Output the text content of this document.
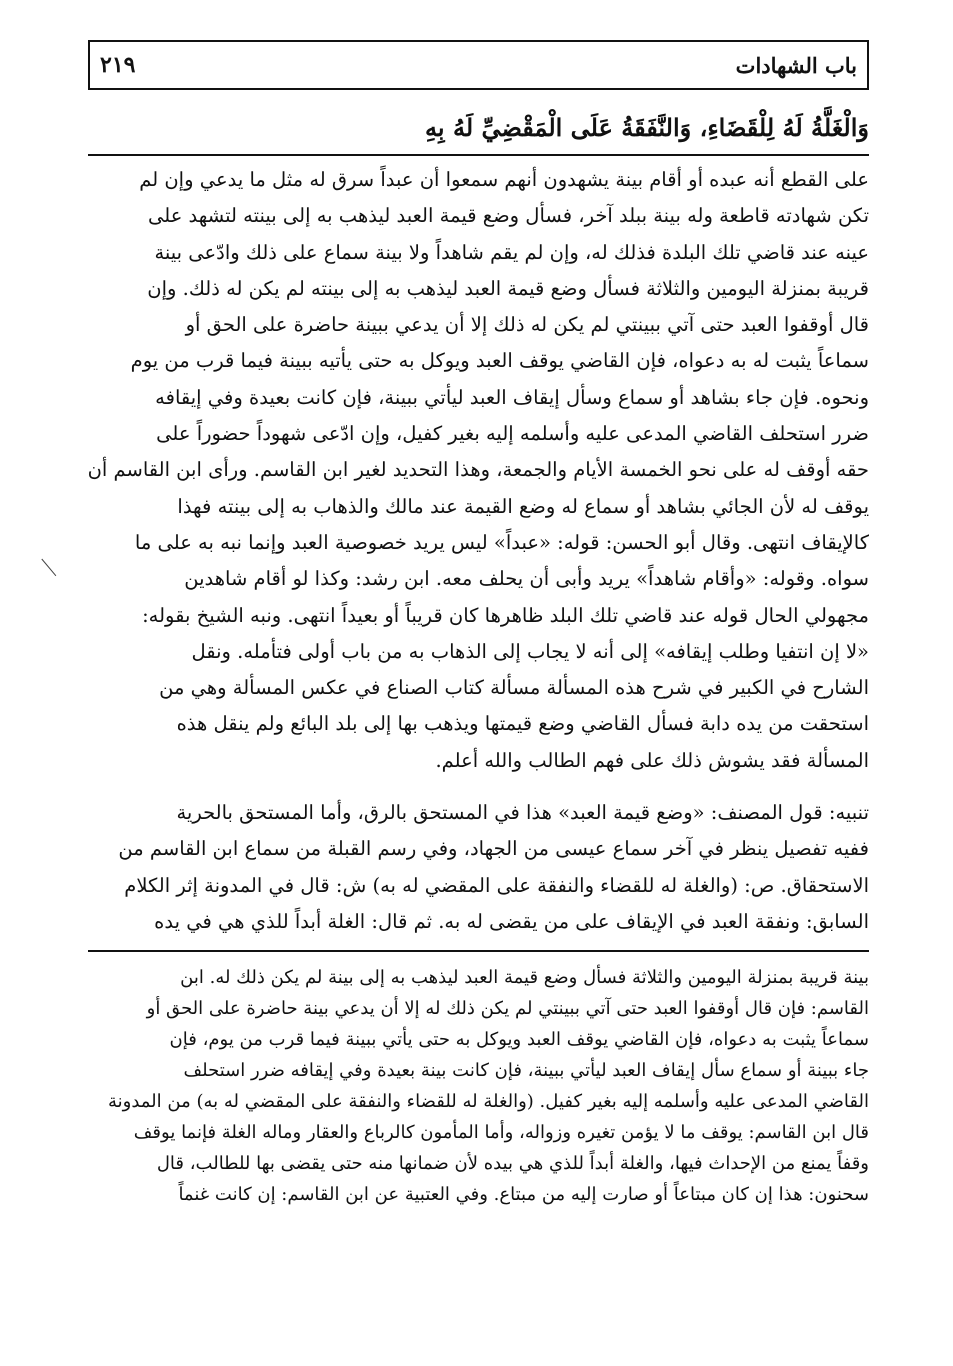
باب الشهادات
٢١٩
وَالْغَلَّةُ لَهُ لِلْقَضَاءِ، وَالنَّفَقَةُ عَلَى الْمَقْضِيِّ لَهُ بِهِ
على القطع أنه عبده أو أقام بينة يشهدون أنهم سمعوا أن عبداً سرق له مثل ما يدعي وإن لم
تكن شهادته قاطعة وله بينة ببلد آخر، فسأل وضع قيمة العبد ليذهب به إلى بينته لتشهد على
عينه عند قاضي تلك البلدة فذلك له، وإن لم يقم شاهداً ولا بينة سماع على ذلك وادّعى بينة
قريبة بمنزلة اليومين والثلاثة فسأل وضع قيمة العبد ليذهب به إلى بينته لم يكن له ذلك. وإن
قال أوقفوا العبد حتى آتي ببينتي لم يكن له ذلك إلا أن يدعي ببينة حاضرة على الحق أو
سماعاً يثبت له به دعواه، فإن القاضي يوقف العبد ويوكل به حتى يأتيه ببينة فيما قرب من يوم
ونحوه. فإن جاء بشاهد أو سماع وسأل إيقاف العبد ليأتي ببينة، فإن كانت بعيدة وفي إيقافه
ضرر استحلف القاضي المدعى عليه وأسلمه إليه بغير كفيل، وإن ادّعى شهوداً حضوراً على
حقه أوقف له على نحو الخمسة الأيام والجمعة، وهذا التحديد لغير ابن القاسم. ورأى ابن القاسم أن
يوقف له لأن الجائي بشاهد أو سماع له وضع القيمة عند مالك والذهاب به إلى بينته فهذا
كالإيقاف انتهى. وقال أبو الحسن: قوله: «عبداً» ليس يريد خصوصية العبد وإنما نبه به على ما
سواه. وقوله: «وأقام شاهداً» يريد وأبى أن يحلف معه. ابن رشد: وكذا لو أقام شاهدين
مجهولي الحال قوله عند قاضي تلك البلد ظاهرها كان قريباً أو بعيداً انتهى. ونبه الشيخ بقوله:
«لا إن انتفيا وطلب إيقافه» إلى أنه لا يجاب إلى الذهاب به من باب أولى فتأمله. ونقل
الشارح في الكبير في شرح هذه المسألة مسألة كتاب الصناع في عكس المسألة وهي من
استحقت من يده دابة فسأل القاضي وضع قيمتها ويذهب بها إلى بلد البائع ولم ينقل هذه
المسألة فقد يشوش ذلك على فهم الطالب والله أعلم.
تنبيه: قول المصنف: «وضع قيمة العبد» هذا في المستحق بالرق، وأما المستحق بالحرية
ففيه تفصيل ينظر في آخر سماع عيسى من الجهاد، وفي رسم القبلة من سماع ابن القاسم من
الاستحقاق. ص: (والغلة له للقضاء والنفقة على المقضي له به) ش: قال في المدونة إثر الكلام
السابق: ونفقة العبد في الإيقاف على من يقضى له به. ثم قال: الغلة أبداً للذي هي في يده
بينة قريبة بمنزلة اليومين والثلاثة فسأل وضع قيمة العبد ليذهب به إلى بينة لم يكن ذلك له. ابن
القاسم: فإن قال أوقفوا العبد حتى آتي ببينتي لم يكن ذلك له إلا أن يدعي بينة حاضرة على الحق أو
سماعاً يثبت به دعواه، فإن القاضي يوقف العبد ويوكل به حتى يأتي ببينة فيما قرب من يوم، فإن
جاء ببينة أو سماع سأل إيقاف العبد ليأتي ببينة، فإن كانت بينة بعيدة وفي إيقافه ضرر استحلف
القاضي المدعى عليه وأسلمه إليه بغير كفيل. (والغلة له للقضاء والنفقة على المقضي له به) من المدونة
قال ابن القاسم: يوقف ما لا يؤمن تغيره وزواله، وأما المأمون كالرباع والعقار وماله الغلة فإنما يوقف
وقفاً يمنع من الإحداث فيها، والغلة أبداً للذي هي بيده لأن ضمانها منه حتى يقضى بها للطالب، قال
سحنون: هذا إن كان مبتاعاً أو صارت إليه من مبتاع. وفي العتبية عن ابن القاسم: إن كانت غنماً
